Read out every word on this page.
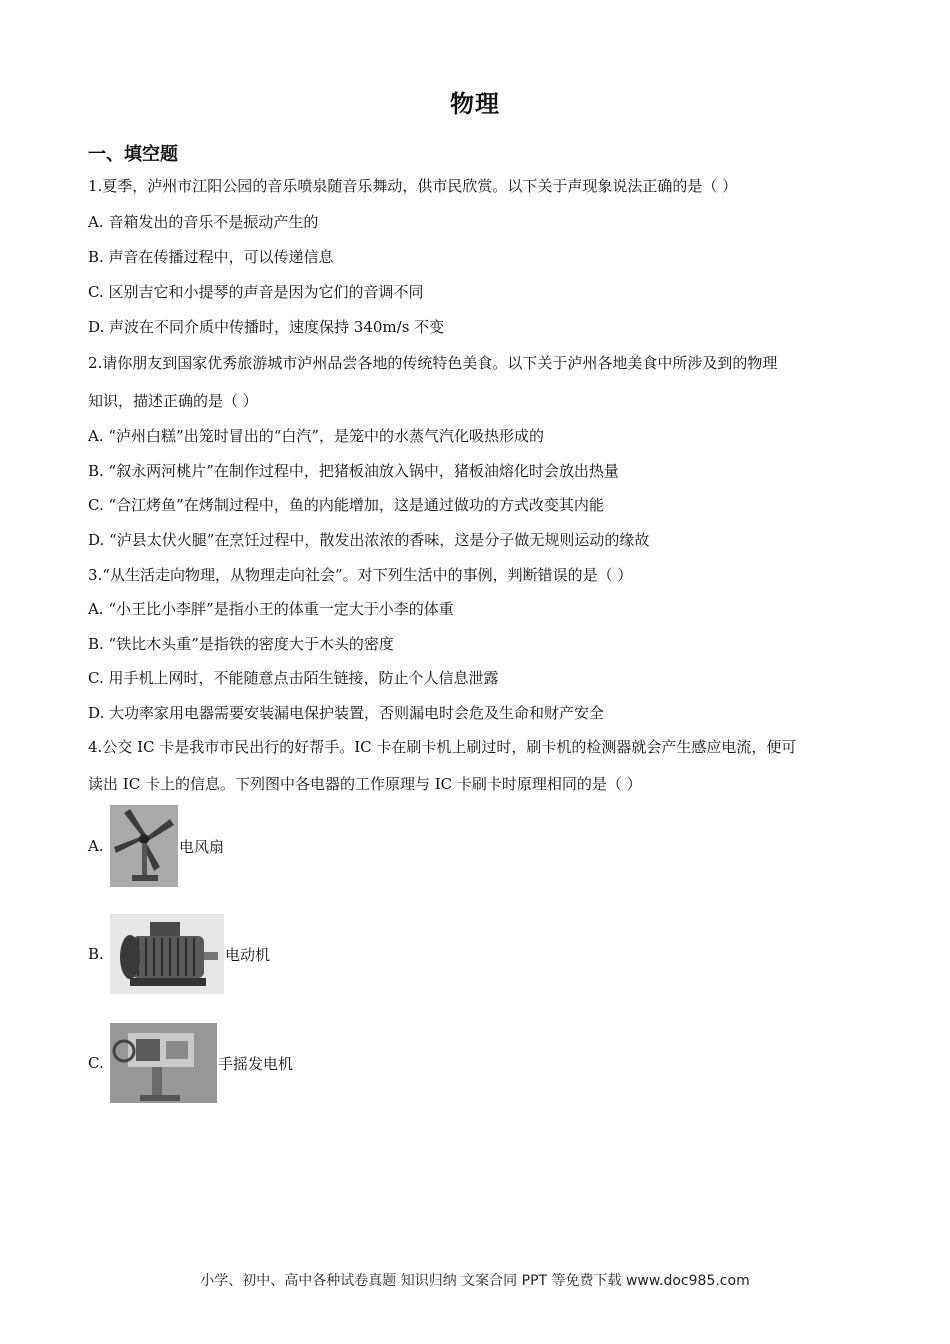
物理
一、填空题
1.夏季，泸州市江阳公园的音乐喷泉随音乐舞动，供市民欣赏。以下关于声现象说法正确的是（ ）
A. 音箱发出的音乐不是振动产生的
B. 声音在传播过程中，可以传递信息
C. 区别吉它和小提琴的声音是因为它们的音调不同
D. 声波在不同介质中传播时，速度保持 340m/s 不变
2.请你朋友到国家优秀旅游城市泸州品尝各地的传统特色美食。以下关于泸州各地美食中所涉及到的物理
知识，描述正确的是（ ）
A. “泸州白糕”出笼时冒出的“白汽”，是笼中的水蒸气汽化吸热形成的
B. “叙永两河桃片”在制作过程中，把猪板油放入锅中，猪板油熔化时会放出热量
C. “合江烤鱼”在烤制过程中，鱼的内能增加，这是通过做功的方式改变其内能
D. “泸县太伏火腿”在烹饪过程中，散发出浓浓的香味，这是分子做无规则运动的缘故
3.“从生活走向物理，从物理走向社会”。对下列生活中的事例，判断错误的是（ ）
A. “小王比小李胖”是指小王的体重一定大于小李的体重
B. “铁比木头重”是指铁的密度大于木头的密度
C. 用手机上网时，不能随意点击陌生链接，防止个人信息泄露
D. 大功率家用电器需要安装漏电保护装置，否则漏电时会危及生命和财产安全
4.公交 IC 卡是我市市民出行的好帮手。IC 卡在刷卡机上刷过时，刷卡机的检测器就会产生感应电流，便可
读出 IC 卡上的信息。下列图中各电器的工作原理与 IC 卡刷卡时原理相同的是（ ）
A.	电风扇
B.	电动机
C.	手摇发电机
小学、初中、高中各种试卷真题 知识归纳 文案合同 PPT 等免费下载 www.doc985.com
